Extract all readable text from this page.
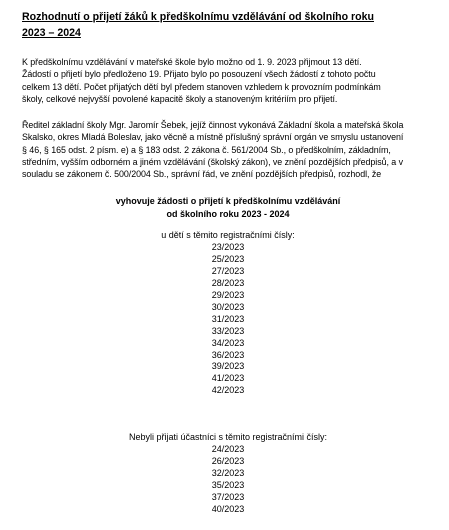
Rozhodnutí o přijetí žáků k předškolnímu vzdělávání od školního roku
2023 – 2024

K předškolnímu vzdělávání v mateřské škole bylo možno od 1. 9. 2023 přijmout 13 dětí.
Žádostí o přijetí bylo předloženo 19. Přijato bylo po posouzení všech žádostí z tohoto počtu
celkem 13 dětí. Počet přijatých dětí byl předem stanoven vzhledem k provozním podmínkám
školy, celkové nejvyšší povolené kapacitě školy a stanoveným kritériím pro přijetí.

Ředitel základní školy Mgr. Jaromír Šebek, jejíž činnost vykonává Základní škola a mateřská škola
Skalsko, okres Mladá Boleslav, jako věcně a místně příslušný správní orgán ve smyslu ustanovení
§ 46, § 165 odst. 2 písm. e) a § 183 odst. 2 zákona č. 561/2004 Sb., o předškolním, základním,
středním, vyšším odborném a jiném vzdělávání (školský zákon), ve znění pozdějších předpisů, a v
souladu se zákonem č. 500/2004 Sb., správní řád, ve znění pozdějších předpisů, rozhodl, že

vyhovuje žádosti o přijetí k předškolnímu vzdělávání
od školního roku 2023 - 2024

u dětí s těmito registračními čísly:
23/2023
25/2023
27/2023
28/2023
29/2023
30/2023
31/2023
33/2023
34/2023
36/2023
39/2023
41/2023
42/2023
Nebyli přijati účastníci s těmito registračními čísly:
24/2023
26/2023
32/2023
35/2023
37/2023
40/2023
